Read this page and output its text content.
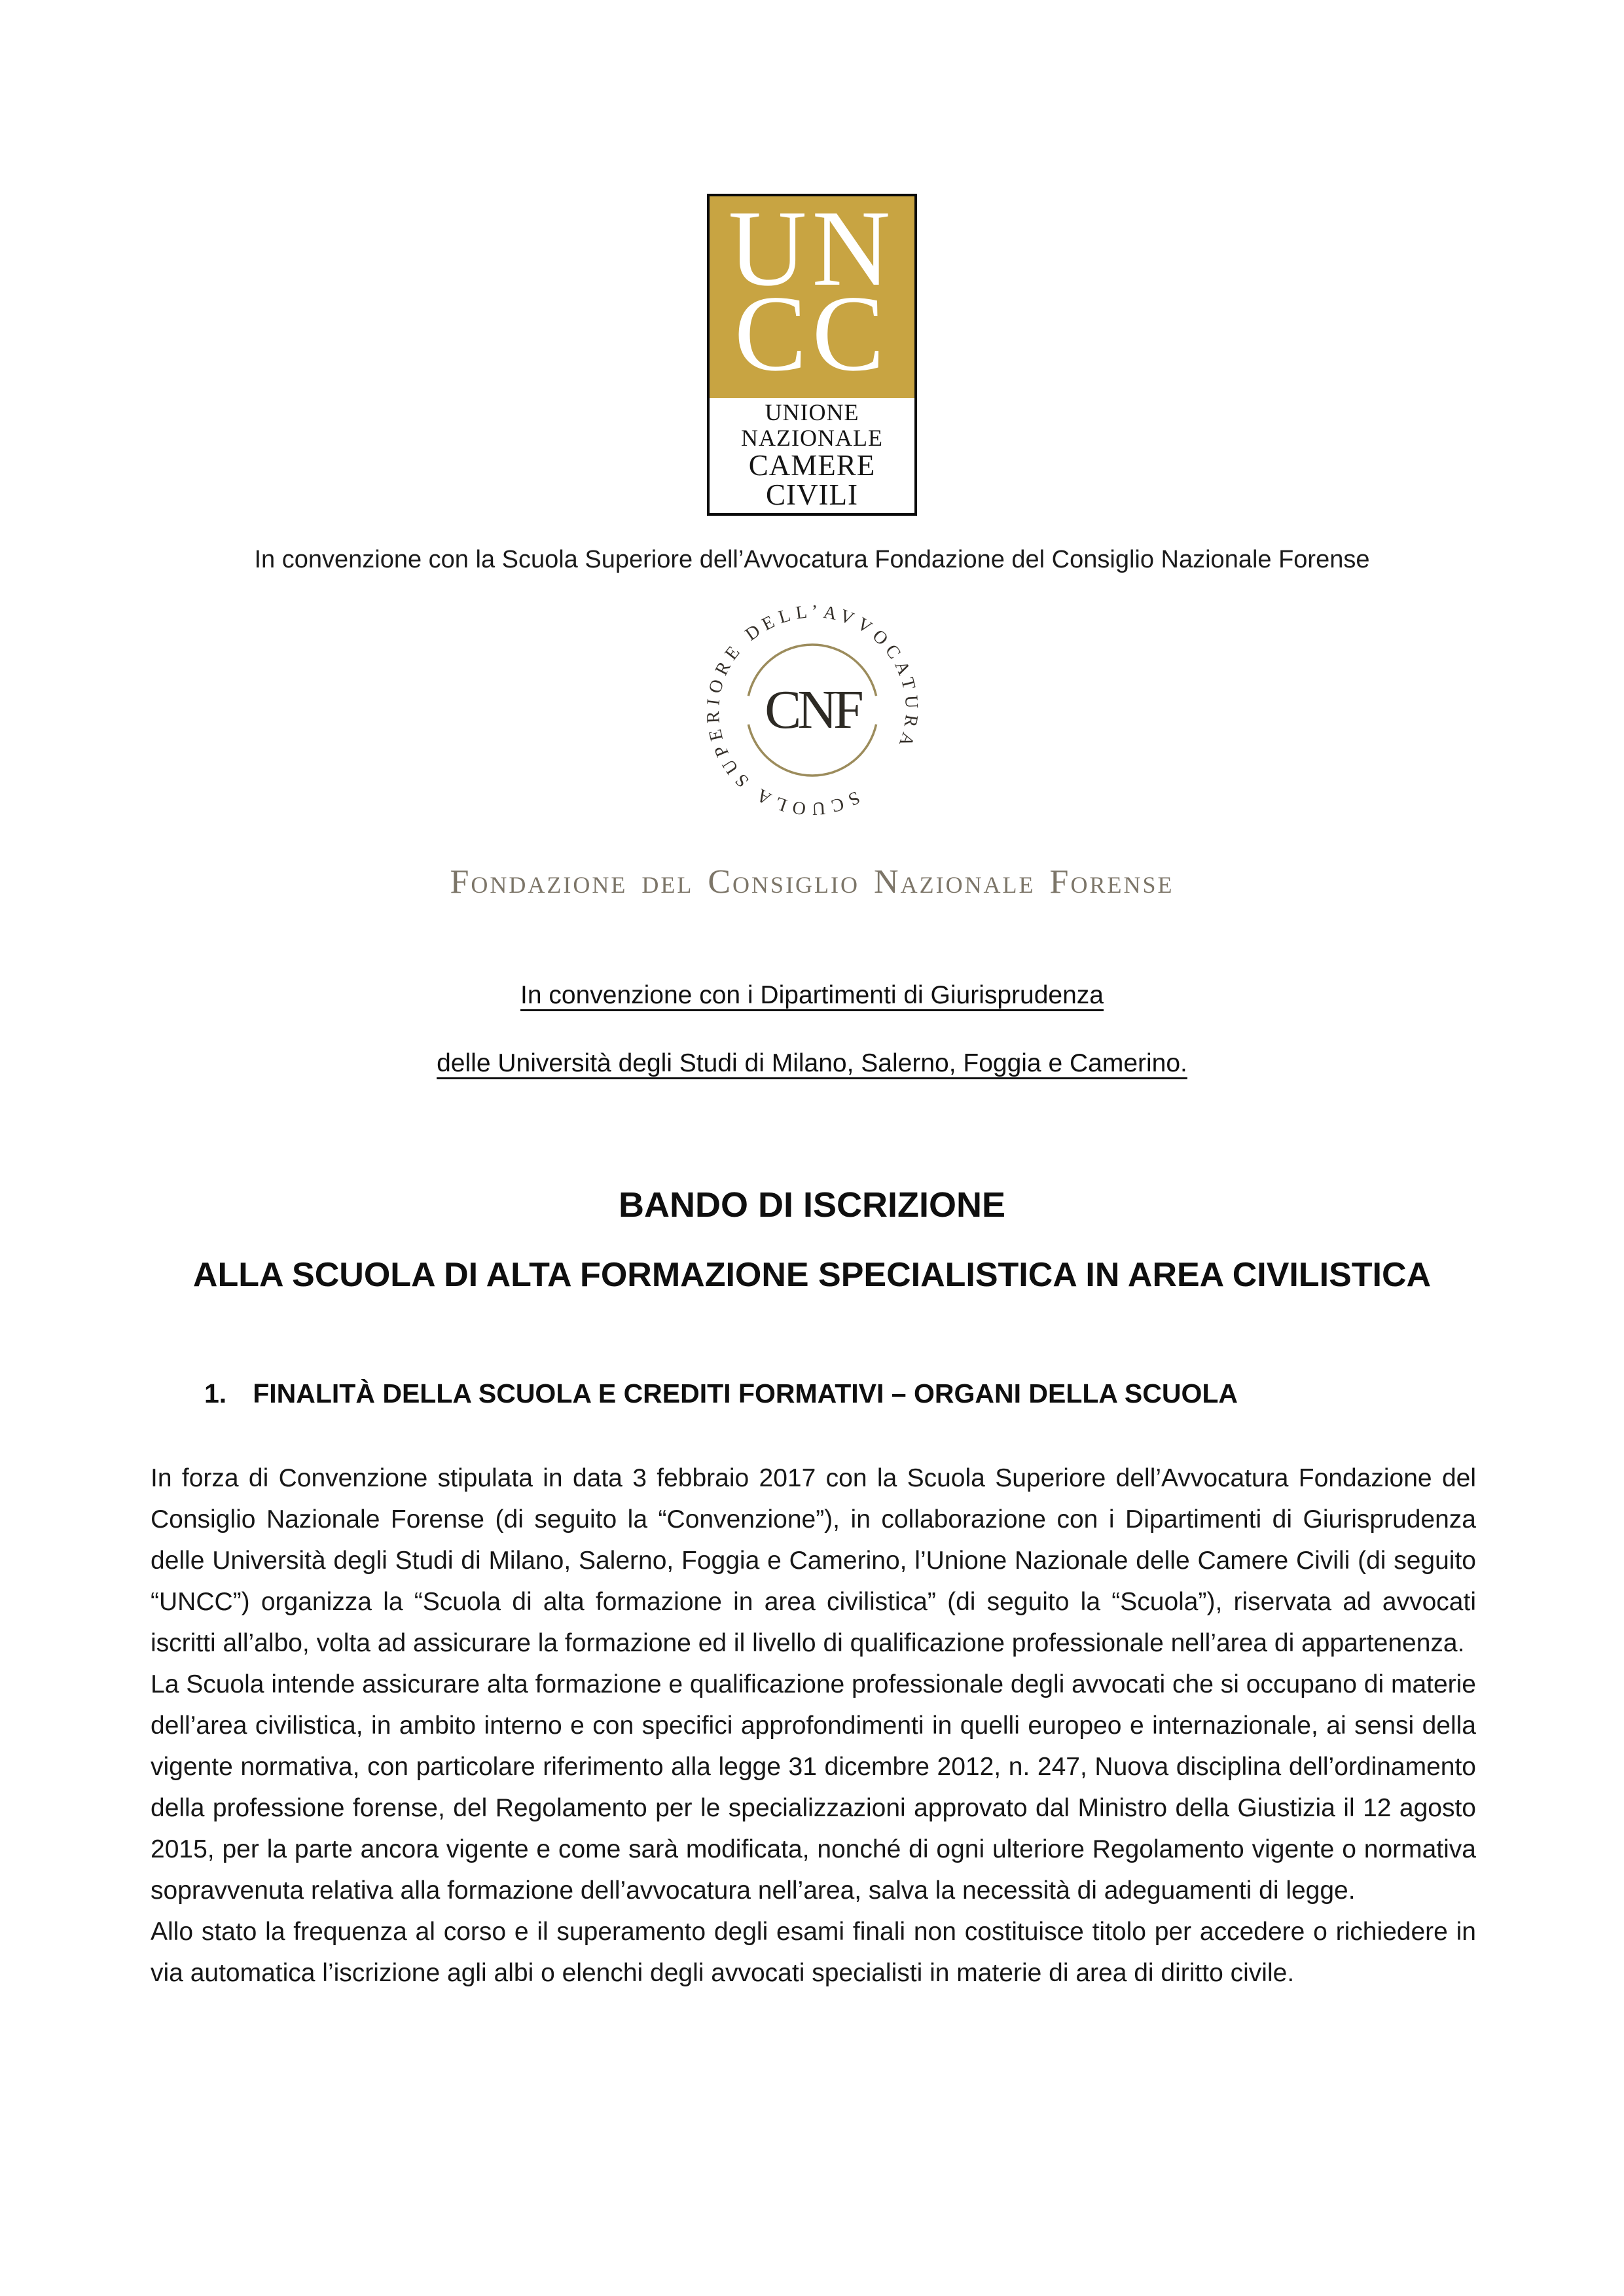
UN
CC
UNIONE NAZIONALE
CAMERE CIVILI
In convenzione con la Scuola Superiore dell’Avvocatura Fondazione del Consiglio Nazionale Forense
SCUOLA SUPERIORE DELL’AVVOCATURA
CNF
Fondazione del Consiglio Nazionale Forense
In convenzione con i Dipartimenti di Giurisprudenza
delle Università degli Studi di Milano, Salerno, Foggia e Camerino.
BANDO DI ISCRIZIONE
ALLA SCUOLA DI ALTA FORMAZIONE SPECIALISTICA IN AREA CIVILISTICA
1. FINALITÀ DELLA SCUOLA E CREDITI FORMATIVI – ORGANI DELLA SCUOLA

In forza di Convenzione stipulata in data 3 febbraio 2017 con la Scuola Superiore dell’Avvocatura Fondazione del Consiglio Nazionale Forense (di seguito la “Convenzione”), in collaborazione con i Dipartimenti di Giurisprudenza delle Università degli Studi di Milano, Salerno, Foggia e Camerino, l’Unione Nazionale delle Camere Civili (di seguito “UNCC”) organizza la “Scuola di alta formazione in area civilistica” (di seguito la “Scuola”), riservata ad avvocati iscritti all’albo, volta ad assicurare la formazione ed il livello di qualificazione professionale nell’area di appartenenza.

La Scuola intende assicurare alta formazione e qualificazione professionale degli avvocati che si occupano di materie dell’area civilistica, in ambito interno e con specifici approfondimenti in quelli europeo e internazionale, ai sensi della vigente normativa, con particolare riferimento alla legge 31 dicembre 2012, n. 247, Nuova disciplina dell’ordinamento della professione forense, del Regolamento per le specializzazioni approvato dal Ministro della Giustizia il 12 agosto 2015, per la parte ancora vigente e come sarà modificata, nonché di ogni ulteriore Regolamento vigente o normativa sopravvenuta relativa alla formazione dell’avvocatura nell’area, salva la necessità di adeguamenti di legge.

Allo stato la frequenza al corso e il superamento degli esami finali non costituisce titolo per accedere o richiedere in via automatica l’iscrizione agli albi o elenchi degli avvocati specialisti in materie di area di diritto civile.
